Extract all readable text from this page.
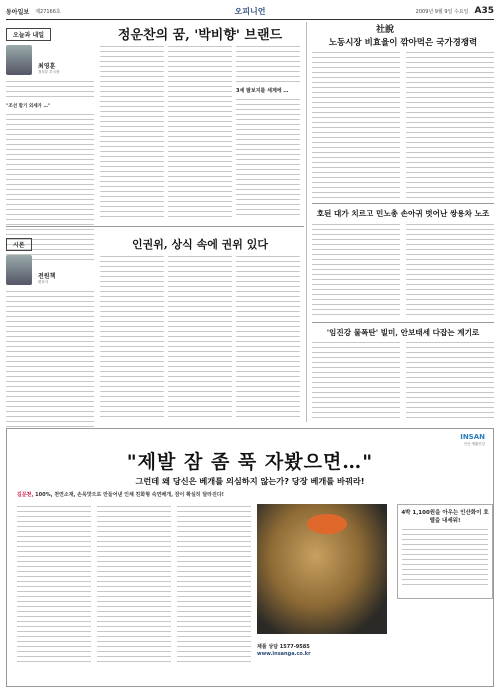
동아일보 제27166호	오피니언	2009년 9월 9일 수요일 A35
오늘과 내일
최영훈
정치부 부국장
"조선 말기 외세가 …"
정운찬의 꿈, '박비향' 브랜드
3세 팔보지를 세계에 …
社說
노동시장 비효율이 깎아먹은 국가경쟁력
호된 대가 치르고 민노총 손아귀 벗어난 쌍용차 노조
'임진강 물폭탄' 빌미, 안보태세 다잡는 계기로
시론
전원책
변호사
인권위, 상식 속에 권위 있다
INSAN
인산 생활건강
"제발 잠 좀 푹 자봤으면…"
그런데 왜 당신은 베개를 의심하지 않는가? 당장 베개를 바꿔라!
길문천, 100%, 천연소재, 손목맛으로 만들어낸 인체 친화형 숙면베개, 잠이 확실히 달라진다!
4박 1,100원을 아우는 인산화이 호텔을 내세워!
제품 상담 1577-9585
www.insanga.co.kr
